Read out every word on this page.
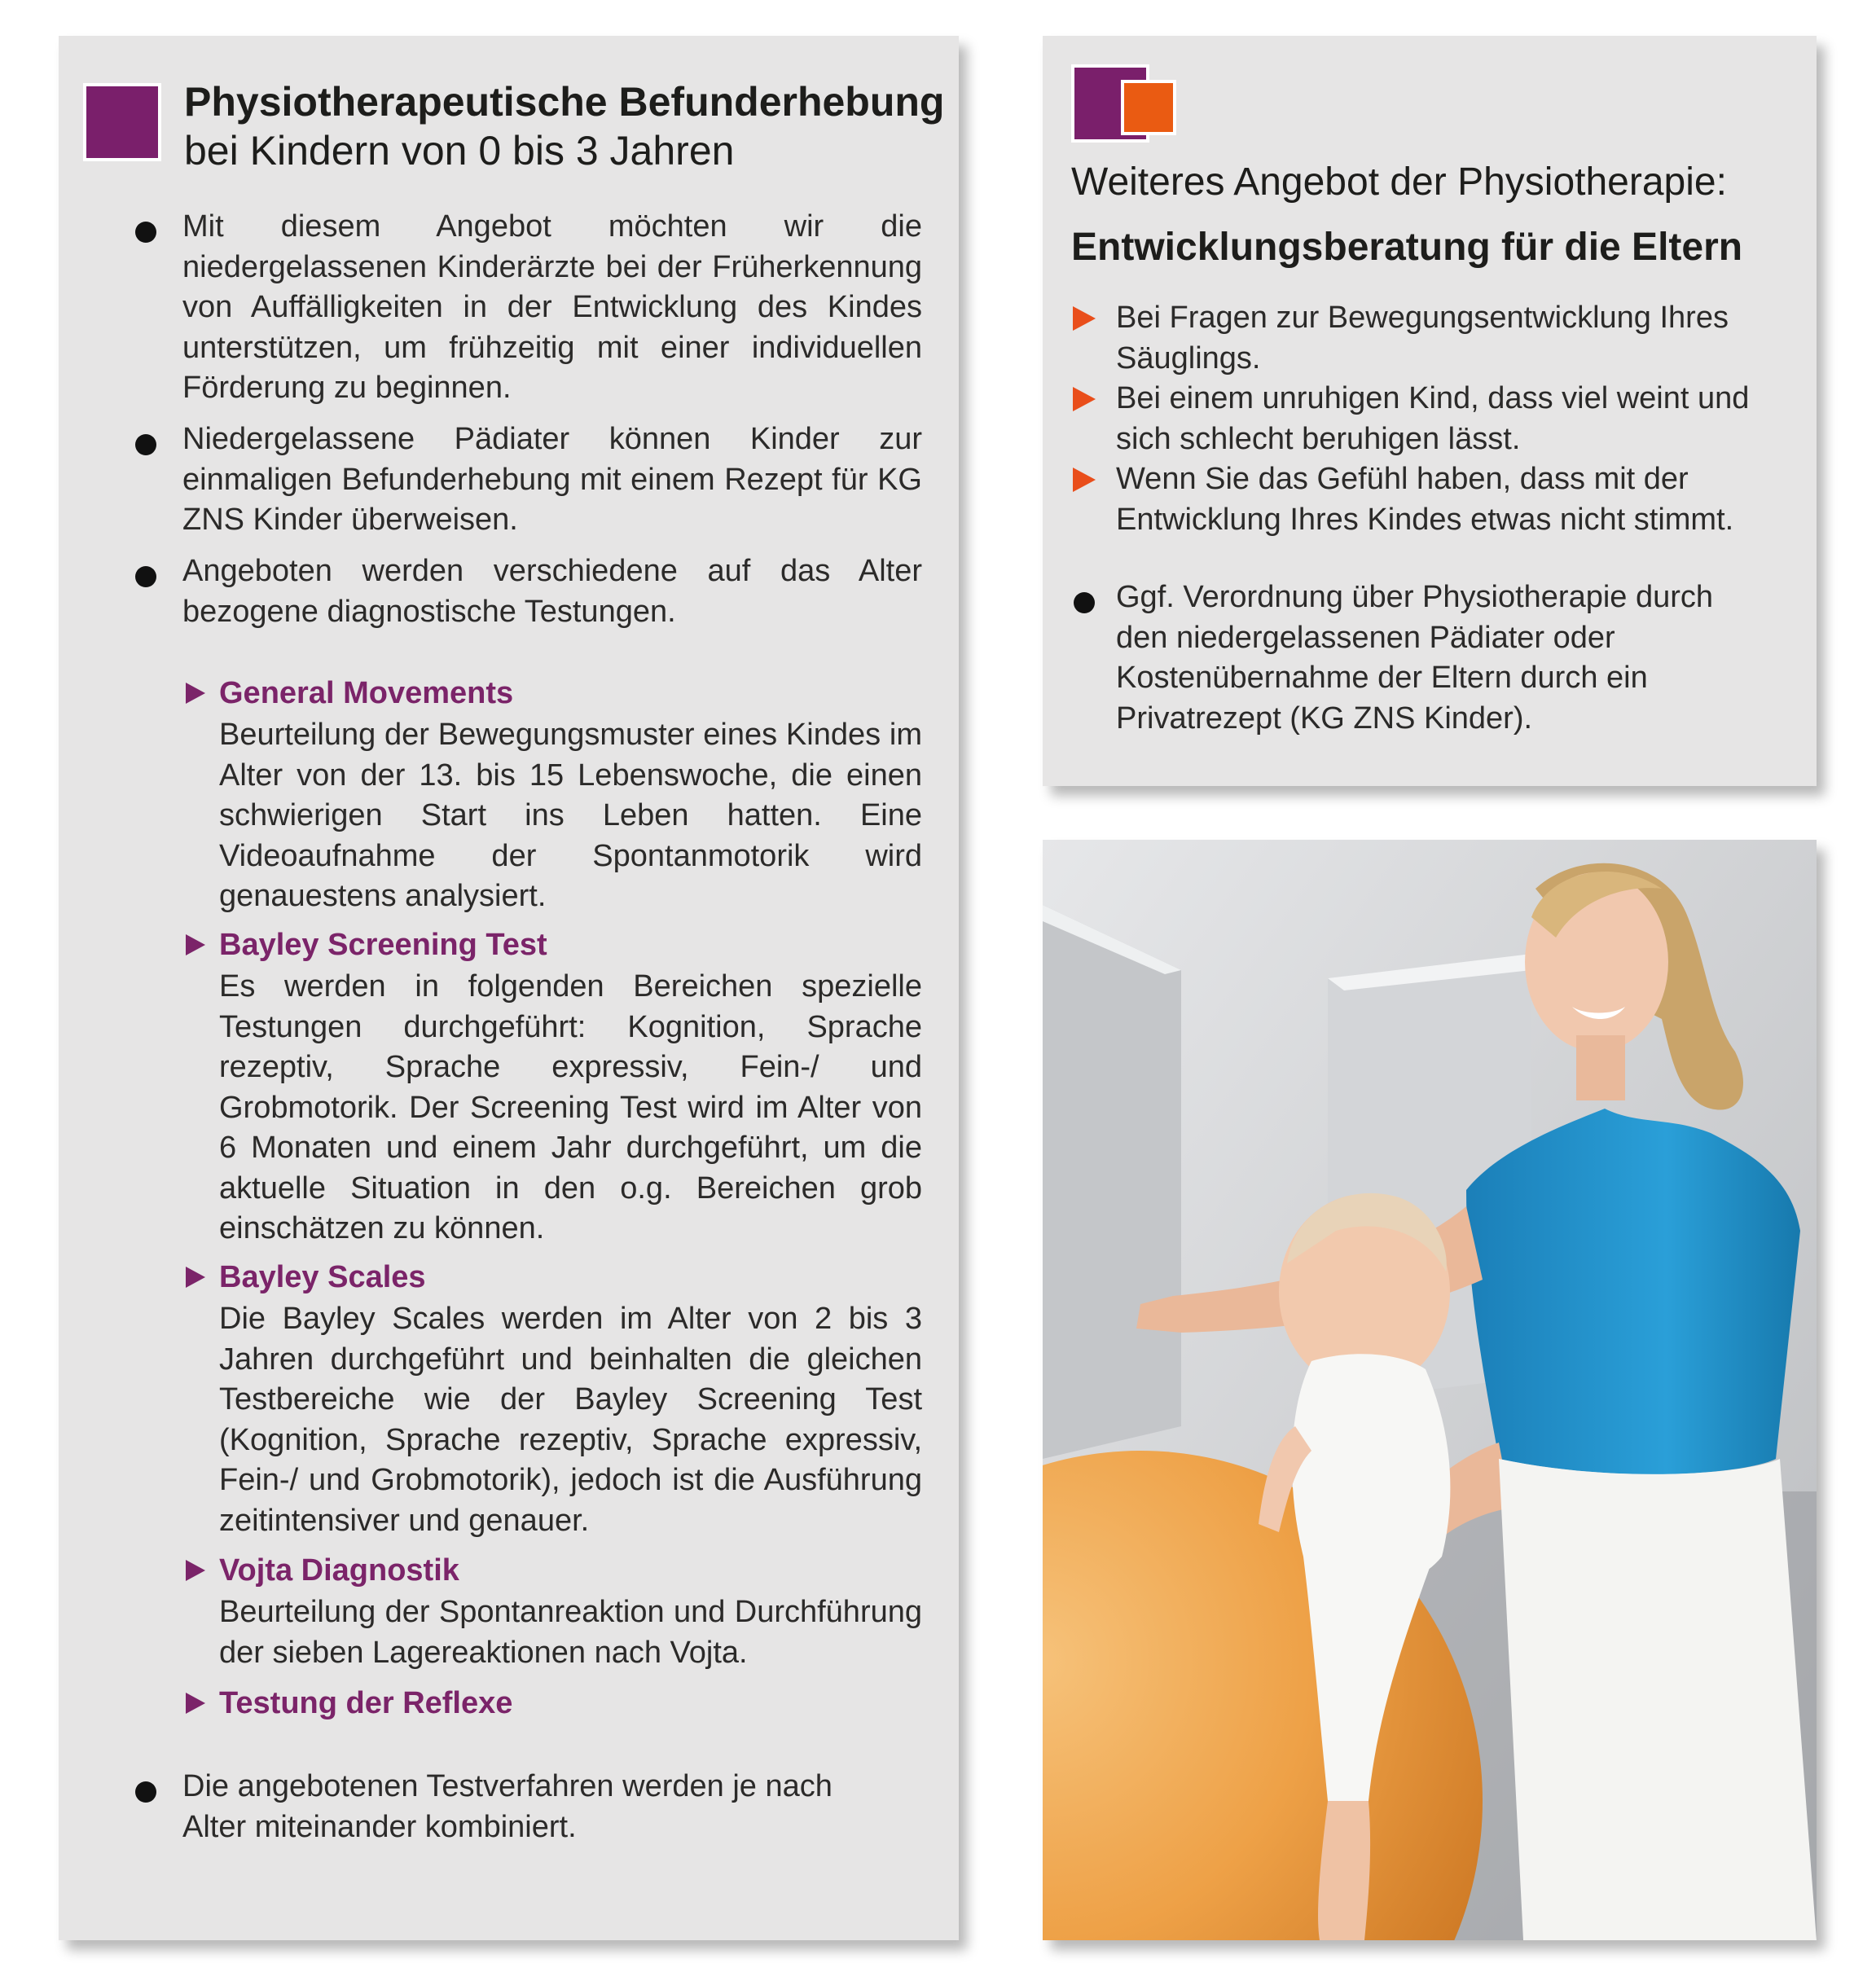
Physiotherapeutische Befunderhebung
bei Kindern von 0 bis 3 Jahren
Mit diesem Angebot möchten wir die niedergelassenen Kinderärzte bei der Früherkennung von Auffälligkeiten in der Entwicklung des Kindes unterstützen, um frühzeitig mit einer individuellen Förderung zu beginnen.
Niedergelassene Pädiater können Kinder zur einmaligen Befunderhebung mit einem Rezept für KG ZNS Kinder überweisen.
Angeboten werden verschiedene auf das Alter bezogene diagnostische Testungen.
General Movements
Beurteilung der Bewegungsmuster eines Kindes im Alter von der 13. bis 15 Lebenswoche, die einen schwierigen Start ins Leben hatten. Eine Videoaufnahme der Spontanmotorik wird genauestens analysiert.
Bayley Screening Test
Es werden in folgenden Bereichen spezielle Testungen durchgeführt: Kognition, Sprache rezeptiv, Sprache expressiv, Fein-/ und Grobmotorik. Der Screening Test wird im Alter von 6 Monaten und einem Jahr durchgeführt, um die aktuelle Situation in den o.g. Bereichen grob einschätzen zu können.
Bayley Scales
Die Bayley Scales werden im Alter von 2 bis 3 Jahren durchgeführt und beinhalten die gleichen Testbereiche wie der Bayley Screening Test (Kognition, Sprache rezeptiv, Sprache expressiv, Fein-/ und Grobmotorik), jedoch ist die Ausführung zeitintensiver und genauer.
Vojta Diagnostik
Beurteilung der Spontanreaktion und Durchführung der sieben Lagereaktionen nach Vojta.
Testung der Reflexe
Die angebotenen Testverfahren werden je nach Alter miteinander kombiniert.
Weiteres Angebot der Physiotherapie:
Entwicklungsberatung für die Eltern
Bei Fragen zur Bewegungsentwicklung Ihres Säuglings.
Bei einem unruhigen Kind, dass viel weint und sich schlecht beruhigen lässt.
Wenn Sie das Gefühl haben, dass mit der Entwicklung Ihres Kindes etwas nicht stimmt.
Ggf. Verordnung über Physiotherapie durch den niedergelassenen Pädiater oder Kostenübernahme der Eltern durch ein Privatrezept (KG ZNS Kinder).
